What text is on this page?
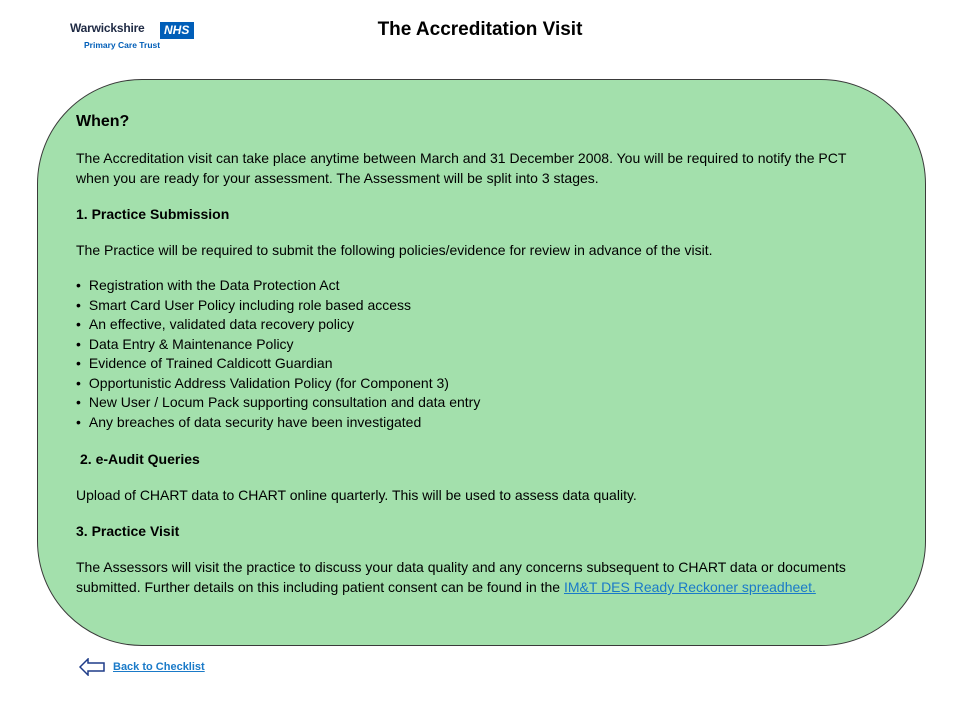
Warwickshire	NHS
Primary Care Trust
The Accreditation Visit
When?

The Accreditation visit can take place anytime between March and 31 December 2008. You will be required to notify the PCT when you are ready for your assessment. The Assessment will be split into 3 stages.

1. Practice Submission

The Practice will be required to submit the following policies/evidence for review in advance of the visit.

• Registration with the Data Protection Act
• Smart Card User Policy including role based access
• An effective, validated data recovery policy
• Data Entry & Maintenance Policy
• Evidence of Trained Caldicott Guardian
• Opportunistic Address Validation Policy (for Component 3)
• New User / Locum Pack supporting consultation and data entry
• Any breaches of data security have been investigated
2. e-Audit Queries

Upload of CHART data to CHART online quarterly. This will be used to assess data quality.

3. Practice Visit

The Assessors will visit the practice to discuss your data quality and any concerns subsequent to CHART data or documents submitted. Further details on this including patient consent can be found in the IM&T DES Ready Reckoner spreadheet.

Back to Checklist
